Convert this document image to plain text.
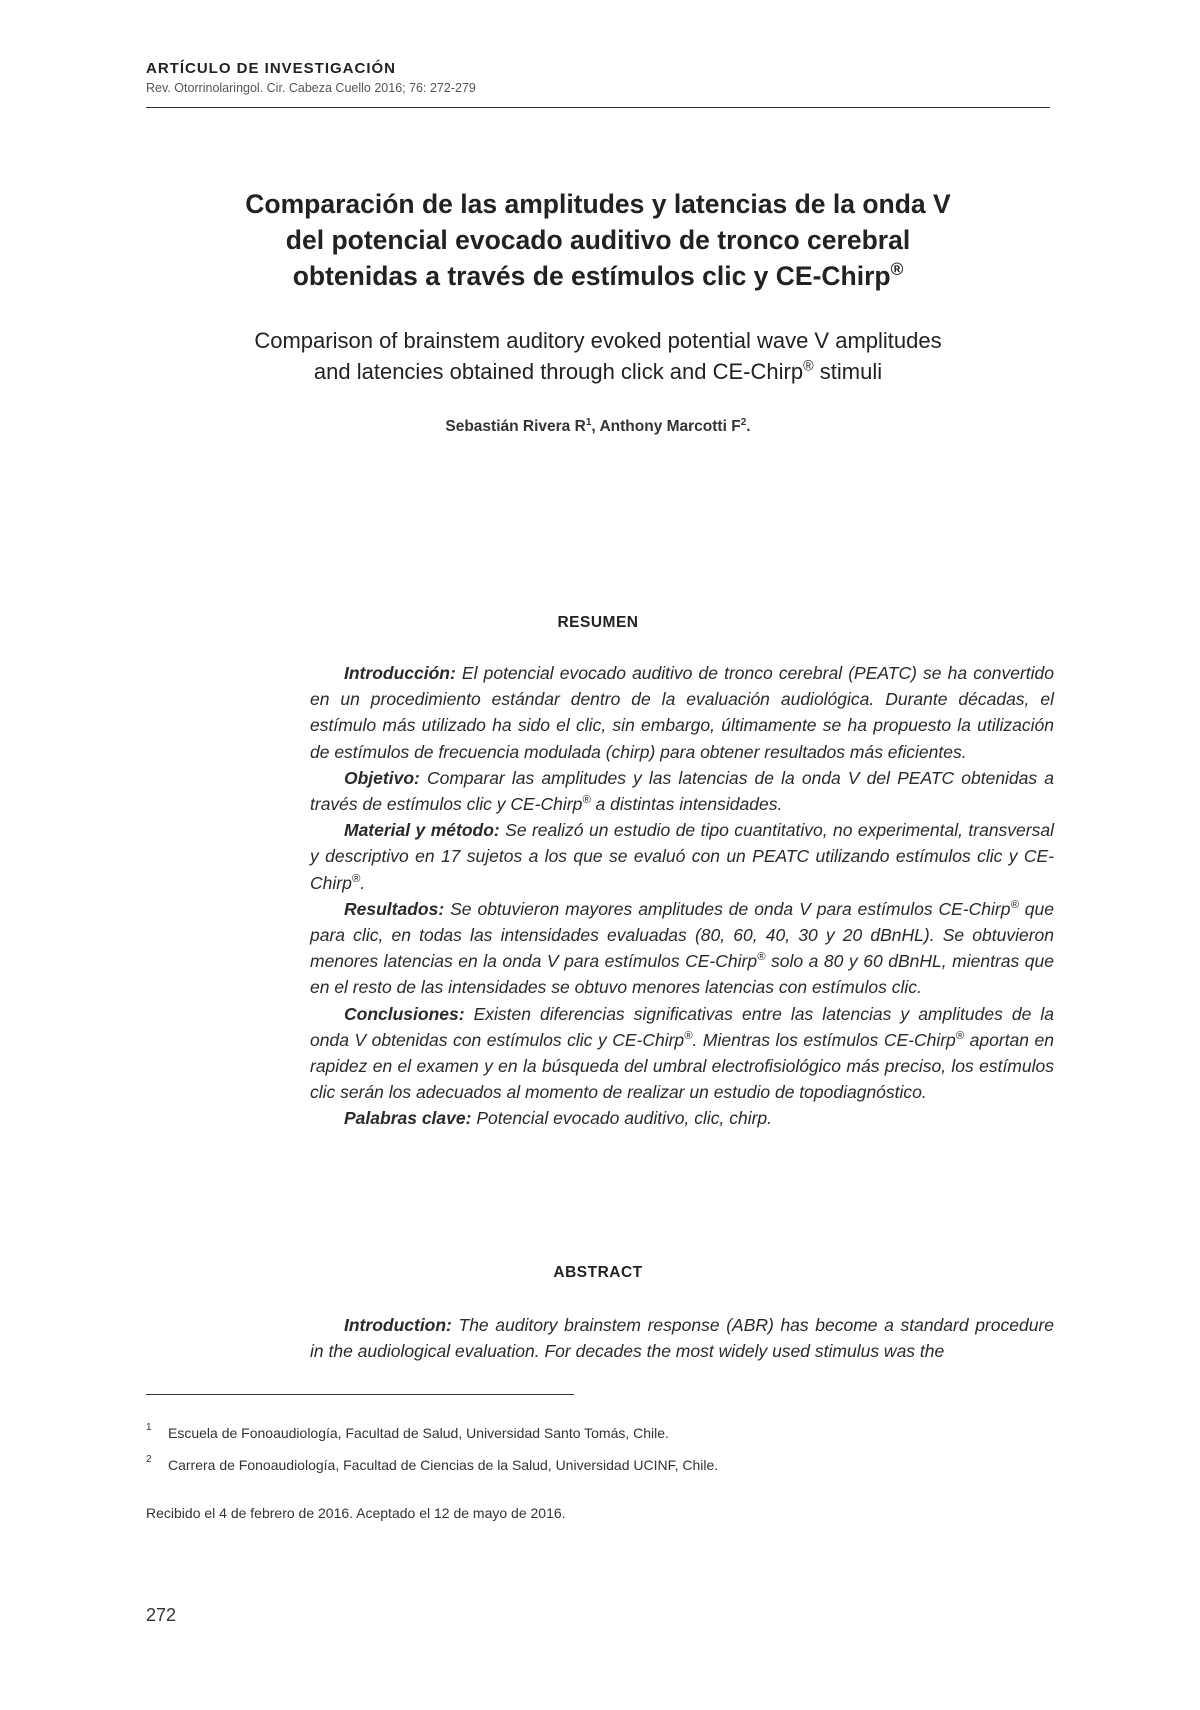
ARTÍCULO DE INVESTIGACIÓN
Rev. Otorrinolaringol. Cir. Cabeza Cuello 2016; 76: 272-279
Comparación de las amplitudes y latencias de la onda V
del potencial evocado auditivo de tronco cerebral
obtenidas a través de estímulos clic y CE-Chirp®
Comparison of brainstem auditory evoked potential wave V amplitudes
and latencies obtained through click and CE-Chirp® stimuli
Sebastián Rivera $R^1$, Anthony Marcotti $F^2$.
RESUMEN

Introducción: El potencial evocado auditivo de tronco cerebral (PEATC) se ha convertido en un procedimiento estándar dentro de la evaluación audiológica. Durante décadas, el estímulo más utilizado ha sido el clic, sin embargo, últimamente se ha propuesto la utilización de estímulos de frecuencia modulada (chirp) para obtener resultados más eficientes.

Objetivo: Comparar las amplitudes y las latencias de la onda V del PEATC obtenidas a través de estímulos clic y CE-Chirp® a distintas intensidades.

Material y método: Se realizó un estudio de tipo cuantitativo, no experimental, transversal y descriptivo en 17 sujetos a los que se evaluó con un PEATC utilizando estímulos clic y CE-Chirp®.

Resultados: Se obtuvieron mayores amplitudes de onda V para estímulos CE-Chirp® que para clic, en todas las intensidades evaluadas (80, 60, 40, 30 y 20 dBnHL). Se obtuvieron menores latencias en la onda V para estímulos CE-Chirp® solo a 80 y 60 dBnHL, mientras que en el resto de las intensidades se obtuvo menores latencias con estímulos clic.

Conclusiones: Existen diferencias significativas entre las latencias y amplitudes de la onda V obtenidas con estímulos clic y CE-Chirp®. Mientras los estímulos CE-Chirp® aportan en rapidez en el examen y en la búsqueda del umbral electrofisiológico más preciso, los estímulos clic serán los adecuados al momento de realizar un estudio de topodiagnóstico.

Palabras clave: Potencial evocado auditivo, clic, chirp.

ABSTRACT

Introduction: The auditory brainstem response (ABR) has become a standard procedure in the audiological evaluation. For decades the most widely used stimulus was the

1 Escuela de Fonoaudiología, Facultad de Salud, Universidad Santo Tomás, Chile.
2 Carrera de Fonoaudiología, Facultad de Ciencias de la Salud, Universidad UCINF, Chile.
Recibido el 4 de febrero de 2016. Aceptado el 12 de mayo de 2016.
272
